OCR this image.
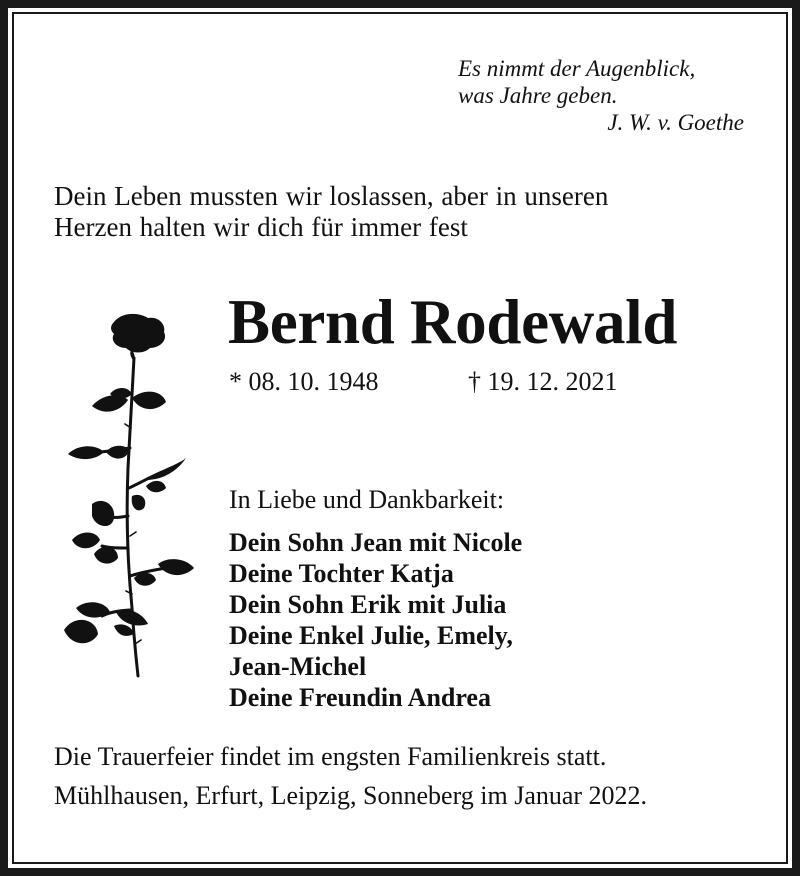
Es nimmt der Augenblick,
was Jahre geben.
J. W. v. Goethe
Dein Leben mussten wir loslassen, aber in unseren
Herzen halten wir dich für immer fest
Bernd Rodewald
* 08. 10. 1948	† 19. 12. 2021
In Liebe und Dankbarkeit:
Dein Sohn Jean mit Nicole
Deine Tochter Katja
Dein Sohn Erik mit Julia
Deine Enkel Julie, Emely,
Jean-Michel
Deine Freundin Andrea
Die Trauerfeier findet im engsten Familienkreis statt.
Mühlhausen, Erfurt, Leipzig, Sonneberg im Januar 2022.
